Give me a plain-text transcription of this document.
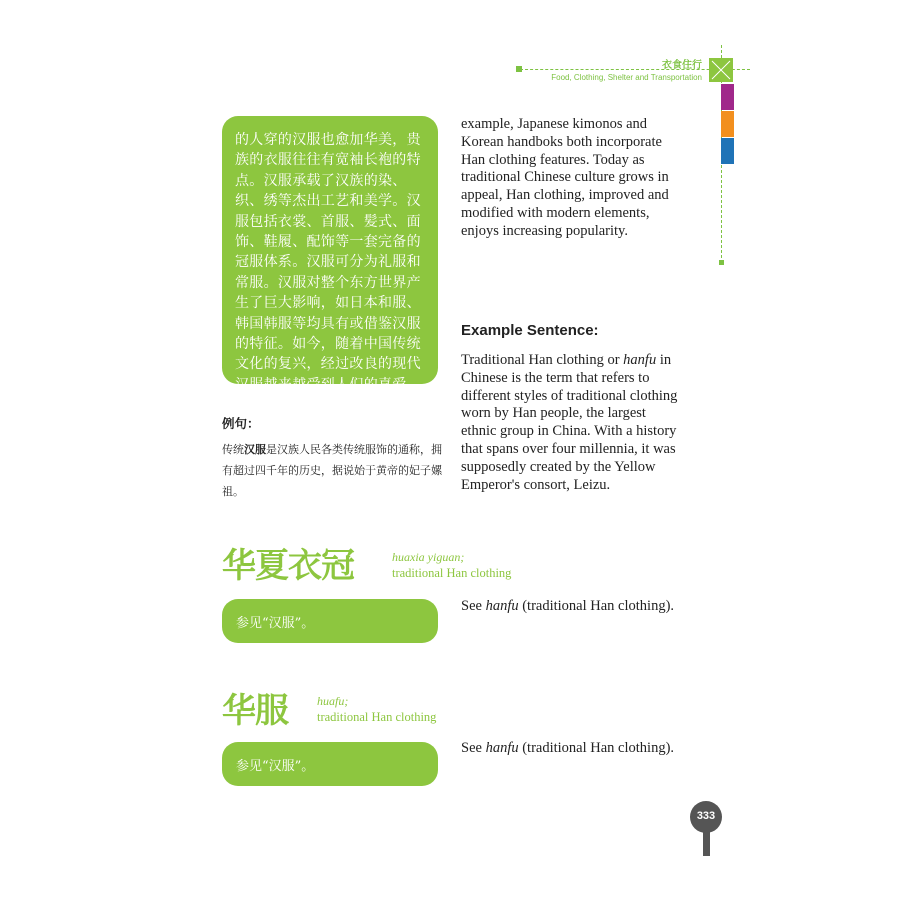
衣食住行
Food, Clothing, Shelter and Transportation
的人穿的汉服也愈加华美，贵族的衣服往往有宽袖长袍的特点。汉服承载了汉族的染、织、绣等杰出工艺和美学。汉服包括衣裳、首服、髪式、面饰、鞋履、配饰等一套完备的冠服体系。汉服可分为礼服和常服。汉服对整个东方世界产生了巨大影响，如日本和服、韩国韩服等均具有或借鉴汉服的特征。如今，随着中国传统文化的复兴，经过改良的现代汉服越来越受到人们的喜爱。
例句：
传统汉服是汉族人民各类传统服饰的通称，拥有超过四千年的历史，据说始于黄帝的妃子嫘祖。
example, Japanese kimonos and Korean handboks both incorporate Han clothing features. Today as traditional Chinese culture grows in appeal, Han clothing, improved and modified with modern elements, enjoys increasing popularity.
Example Sentence:
Traditional Han clothing or hanfu in Chinese is the term that refers to different styles of traditional clothing worn by Han people, the largest ethnic group in China. With a history that spans over four millennia, it was supposedly created by the Yellow Emperor's consort, Leizu.
华夏衣冠	huaxia yiguan;
traditional Han clothing
参见“汉服”。
See hanfu (traditional Han clothing).
华服 huafu;
traditional Han clothing
参见“汉服”。
See hanfu (traditional Han clothing).
333
